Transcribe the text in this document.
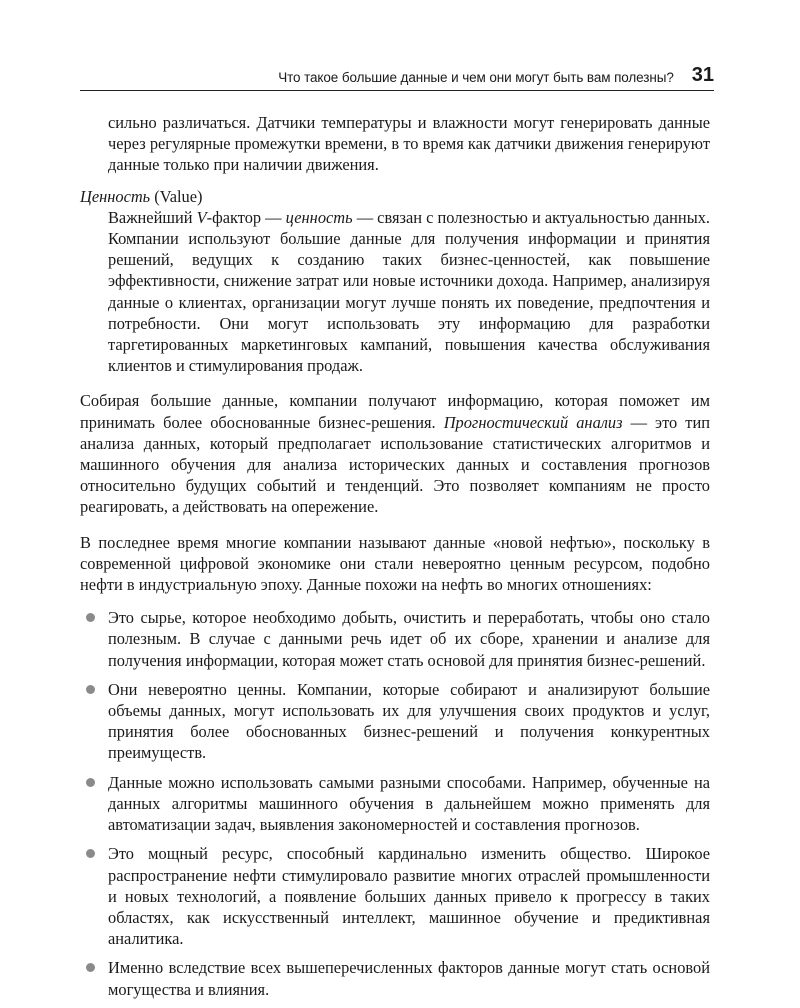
Что такое большие данные и чем они могут быть вам полезны? 31

сильно различаться. Датчики температуры и влажности могут генерировать данные через регулярные промежутки времени, в то время как датчики движения генерируют данные только при наличии движения.

Ценность (Value)

Важнейший V-фактор — ценность — связан с полезностью и актуальностью данных. Компании используют большие данные для получения информации и принятия решений, ведущих к созданию таких бизнес-ценностей, как повышение эффективности, снижение затрат или новые источники дохода. Например, анализируя данные о клиентах, организации могут лучше понять их поведение, предпочтения и потребности. Они могут использовать эту информацию для разработки таргетированных маркетинговых кампаний, повышения качества обслуживания клиентов и стимулирования продаж.

Собирая большие данные, компании получают информацию, которая поможет им принимать более обоснованные бизнес-решения. Прогностический анализ — это тип анализа данных, который предполагает использование статистических алгоритмов и машинного обучения для анализа исторических данных и составления прогнозов относительно будущих событий и тенденций. Это позволяет компаниям не просто реагировать, а действовать на опережение.

В последнее время многие компании называют данные «новой нефтью», поскольку в современной цифровой экономике они стали невероятно ценным ресурсом, подобно нефти в индустриальную эпоху. Данные похожи на нефть во многих отношениях:

Это сырье, которое необходимо добыть, очистить и переработать, чтобы оно стало полезным. В случае с данными речь идет об их сборе, хранении и анализе для получения информации, которая может стать основой для принятия бизнес-решений.
Они невероятно ценны. Компании, которые собирают и анализируют большие объемы данных, могут использовать их для улучшения своих продуктов и услуг, принятия более обоснованных бизнес-решений и получения конкурентных преимуществ.
Данные можно использовать самыми разными способами. Например, обученные на данных алгоритмы машинного обучения в дальнейшем можно применять для автоматизации задач, выявления закономерностей и составления прогнозов.
Это мощный ресурс, способный кардинально изменить общество. Широкое распространение нефти стимулировало развитие многих отраслей промышленности и новых технологий, а появление больших данных привело к прогрессу в таких областях, как искусственный интеллект, машинное обучение и предиктивная аналитика.
Именно вследствие всех вышеперечисленных факторов данные могут стать основой могущества и влияния.
